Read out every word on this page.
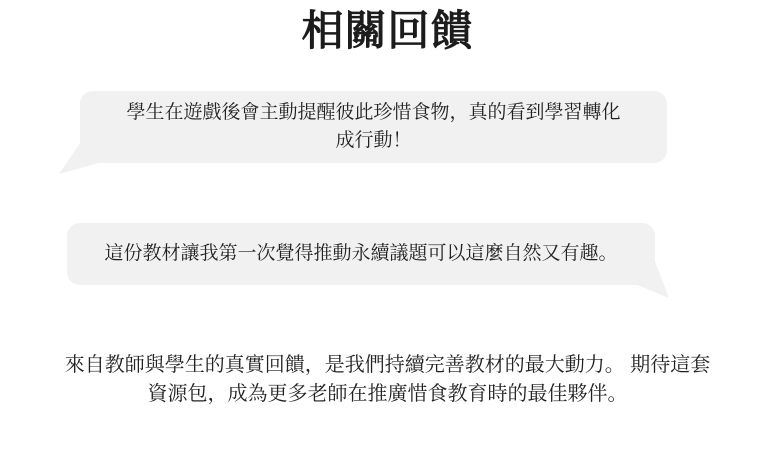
相關回饋
學生在遊戲後會主動提醒彼此珍惜食物，真的看到學習轉化
成行動！
這份教材讓我第一次覺得推動永續議題可以這麼自然又有趣。
來自教師與學生的真實回饋，是我們持續完善教材的最大動力。 期待這套
資源包，成為更多老師在推廣惜食教育時的最佳夥伴。
